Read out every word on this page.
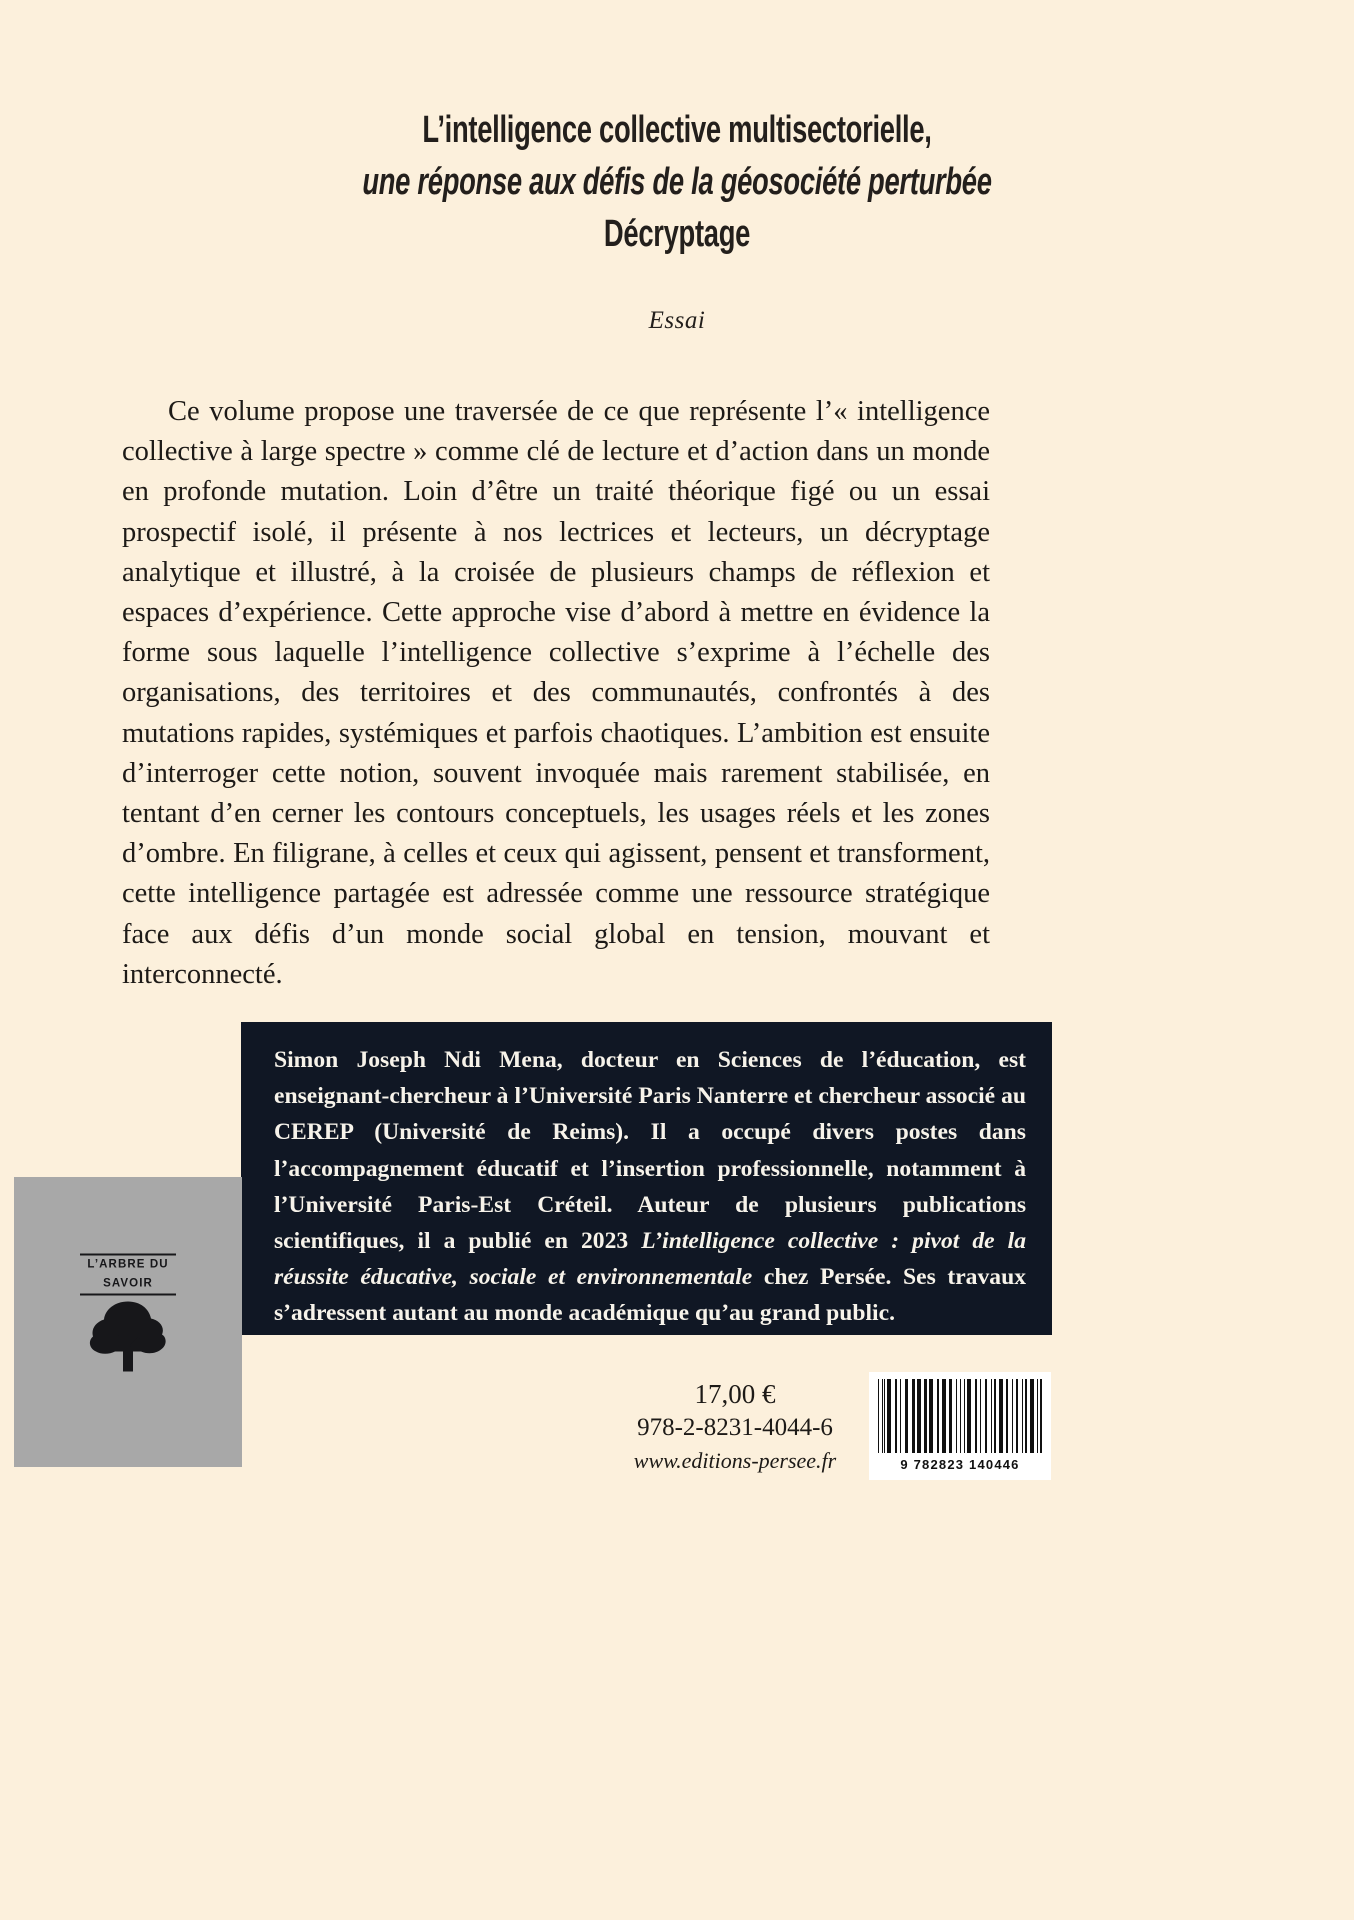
L’intelligence collective multisectorielle,
une réponse aux défis de la géosociété perturbée
Décryptage
Essai
Ce volume propose une traversée de ce que représente l’« intelligence collective à large spectre » comme clé de lecture et d’action dans un monde en profonde mutation. Loin d’être un traité théorique figé ou un essai prospectif isolé, il présente à nos lectrices et lecteurs, un décryptage analytique et illustré, à la croisée de plusieurs champs de réflexion et espaces d’expérience. Cette approche vise d’abord à mettre en évidence la forme sous laquelle l’intelligence collective s’exprime à l’échelle des organisations, des territoires et des communautés, confrontés à des mutations rapides, systémiques et parfois chaotiques. L’ambition est ensuite d’interroger cette notion, souvent invoquée mais rarement stabilisée, en tentant d’en cerner les contours conceptuels, les usages réels et les zones d’ombre. En filigrane, à celles et ceux qui agissent, pensent et transforment, cette intelligence partagée est adressée comme une ressource stratégique face aux défis d’un monde social global en tension, mouvant et interconnecté.
Simon Joseph Ndi Mena, docteur en Sciences de l’éducation, est enseignant-chercheur à l’Université Paris Nanterre et chercheur associé au CEREP (Université de Reims). Il a occupé divers postes dans l’accompagnement éducatif et l’insertion professionnelle, notamment à l’Université Paris-Est Créteil. Auteur de plusieurs publications scientifiques, il a publié en 2023 L’intelligence collective : pivot de la réussite éducative, sociale et environnementale chez Persée. Ses travaux s’adressent autant au monde académique qu’au grand public.
L’ARBRE DU
SAVOIR
17,00 €
978-2-8231-4044-6
www.editions-persee.fr	9 782823 140446
